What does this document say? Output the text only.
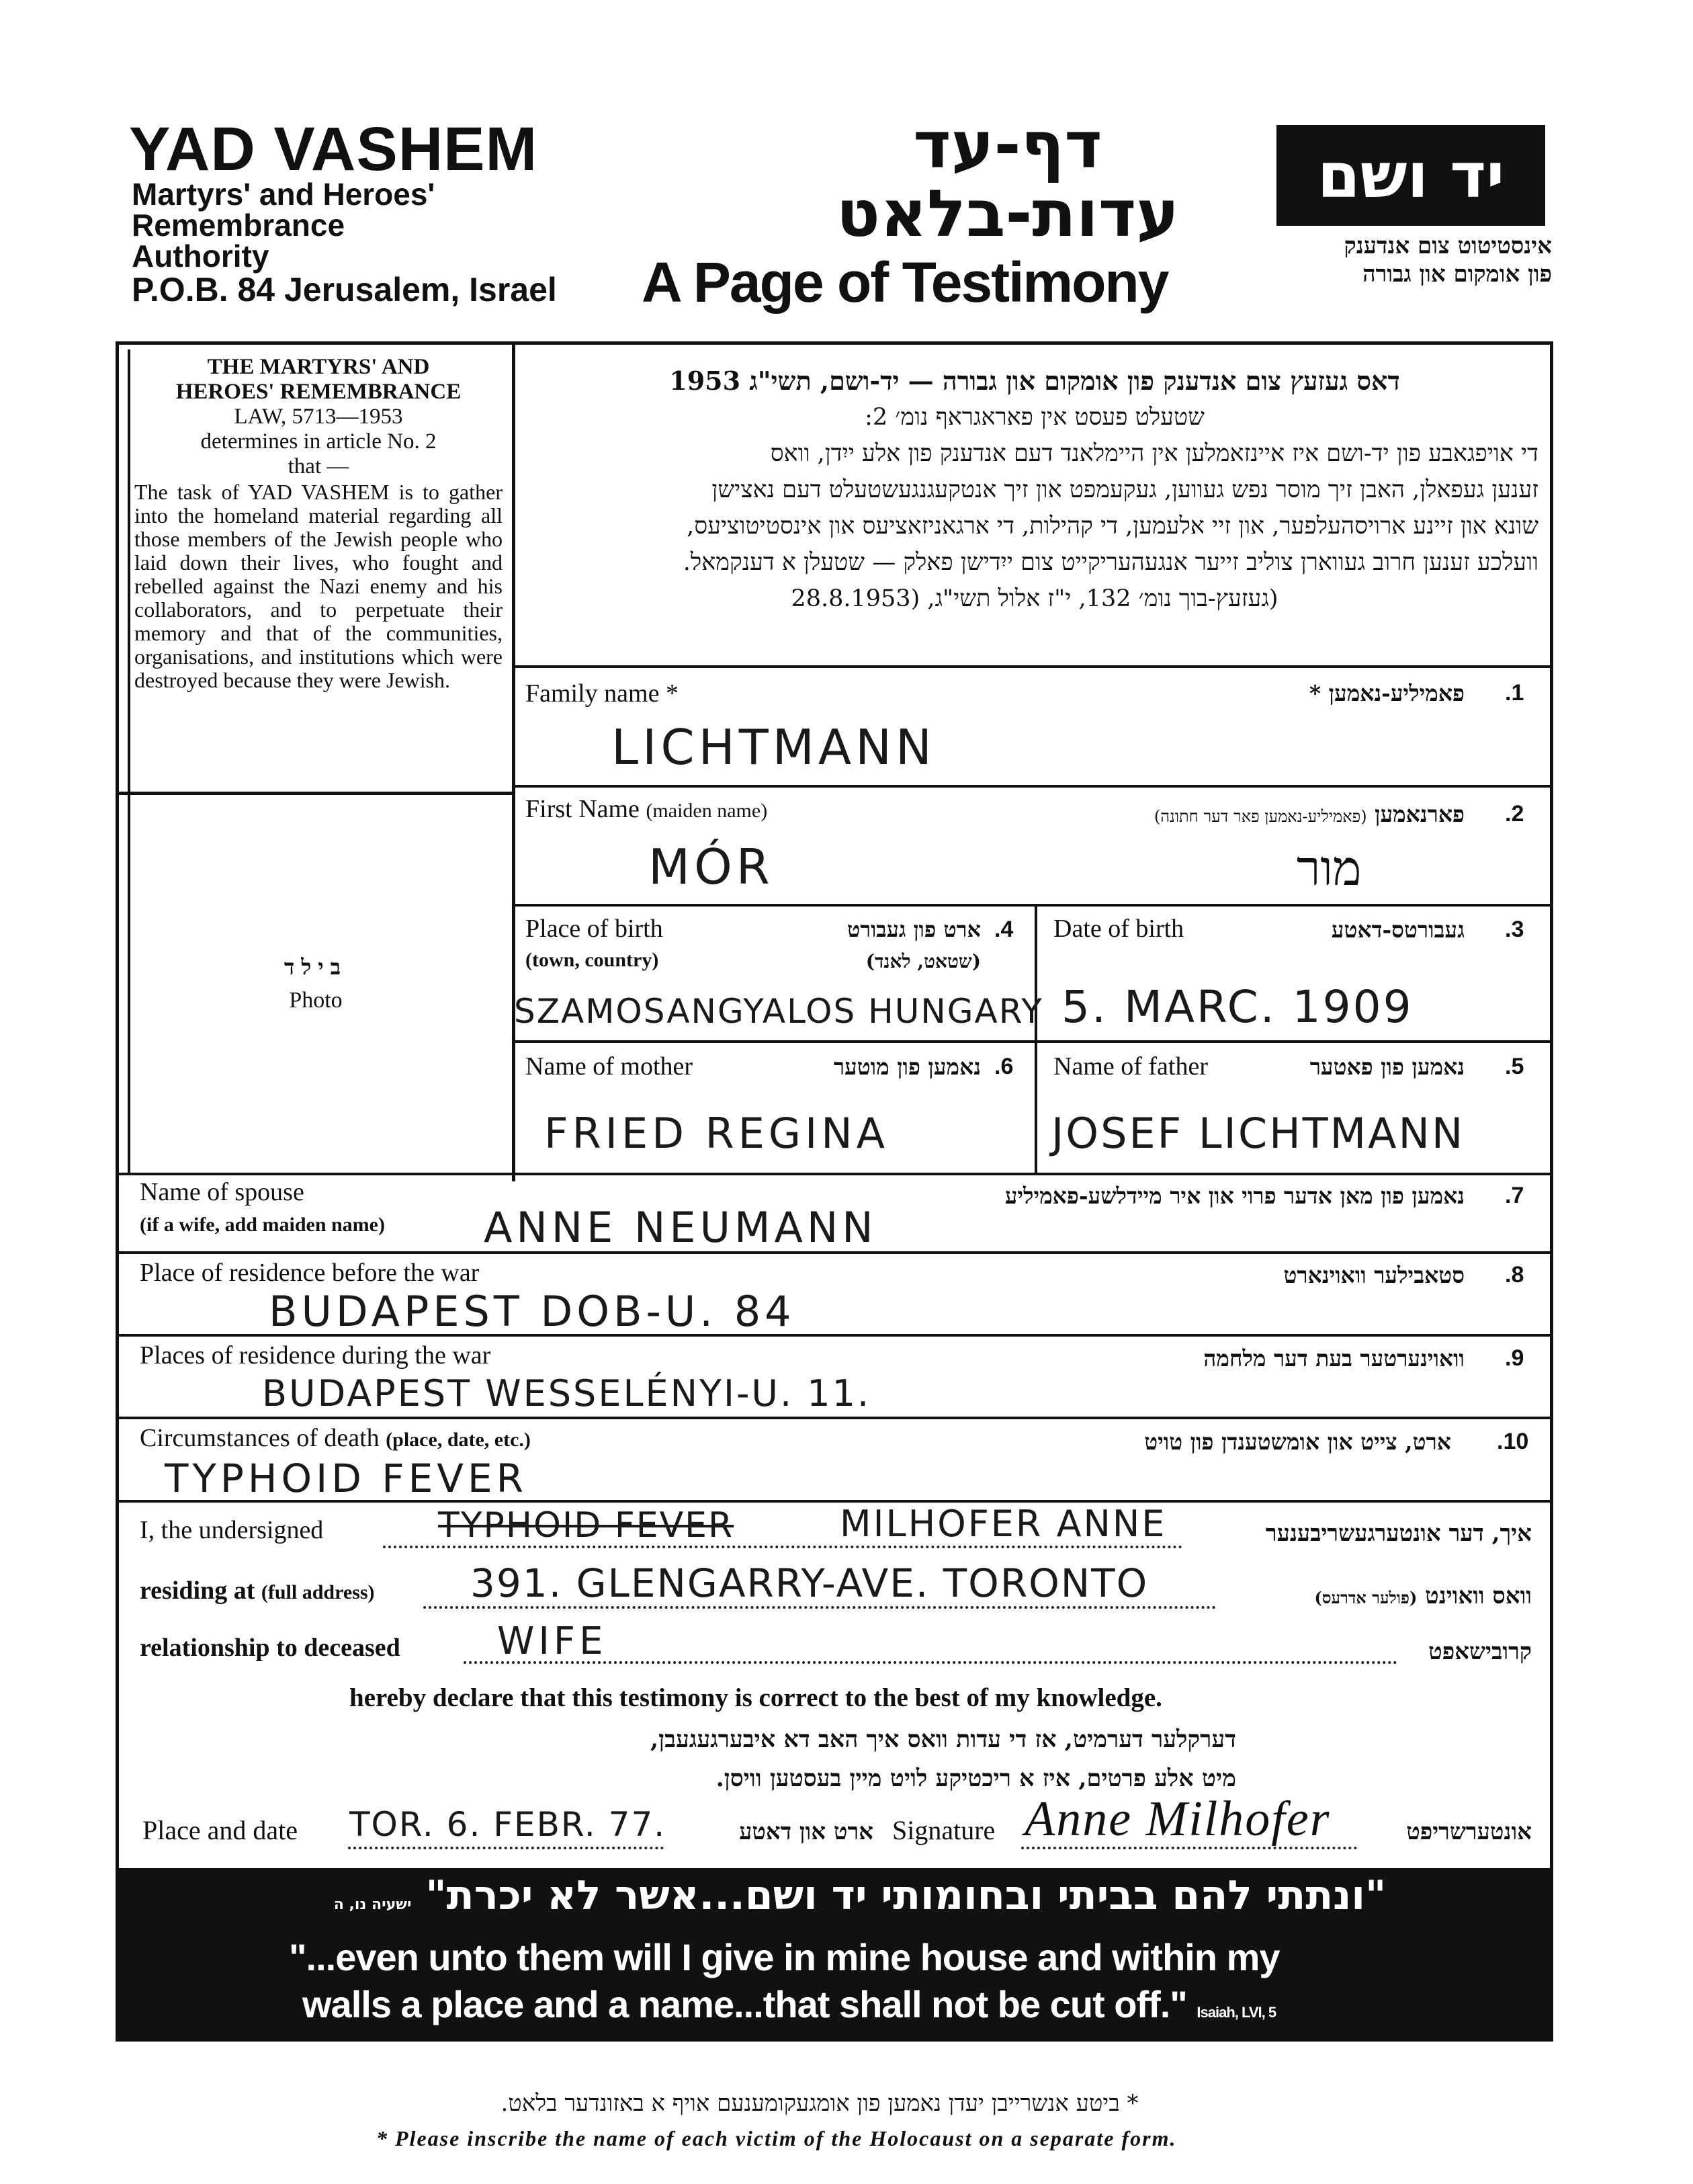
YAD VASHEM
Martyrs' and Heroes'
Remembrance
Authority
P.O.B. 84 Jerusalem, Israel
דף-עד
עדות-בלאט
A Page of Testimony
יד ושם
אינסטיטוט צום אנדענק
פון אומקום און גבורה
THE MARTYRS' AND
HEROES' REMEMBRANCE
LAW, 5713—1953
determines in article No. 2
that —
The task of YAD VASHEM is to gather into the homeland material regarding all those members of the Jewish people who laid down their lives, who fought and rebelled against the Nazi enemy and his collaborators, and to perpetuate their memory and that of the communities, organisations, and institutions which were destroyed because they were Jewish.
בילד
Photo
דאס געזעץ צום אנדענק פון אומקום און גבורה — יד-ושם, תשי"ג 1953
שטעלט פעסט אין פאראגראף נומ׳ 2:
די אויפגאבע פון יד-ושם איז איינזאמלען אין היימלאנד דעם אנדענק פון אלע ייִדן, וואס
זענען געפאלן, האבן זיך מוסר נפש געווען, געקעמפט און זיך אנטקעגנגעשטעלט דעם נאצישן
שונא און זיינע ארויסהעלפער, און זיי אלעמען, די קהילות, די ארגאניזאציעס און אינסטיטוציעס,
וועלכע זענען חרוב געווארן צוליב זייער אנגעהעריקייט צום ייִדישן פאלק — שטעלן א דענקמאל.
(געזעץ-בוך נומ׳ 132, י"ז אלול תשי"ג, (28.8.1953
Family name *	פאמיליע-נאמען * .1
LICHTMANN
First Name (maiden name)	פארנאמען (פאמיליע-נאמען פאר דער חתונה)	.2
MÓR	מור
Place of birth	ארט פון געבורט .4
(town, country)	(שטאט, לאנד)
SZAMOSANGYALOS HUNGARY
Date of birth	געבורטס-דאטע .3
5. MARC. 1909
Name of mother	נאמען פון מוטער .6
FRIED REGINA
Name of father	נאמען פון פאטער .5
JOSEF LICHTMANN
Name of spouse
(if a wife, add maiden name)
נאמען פון מאן אדער פרוי און איר מיידלשע-פאמיליע .7
ANNE NEUMANN
Place of residence before the war	סטאבילער וואוינארט .8
BUDAPEST DOB-U. 84
Places of residence during the war	וואוינערטער בעת דער מלחמה .9
BUDAPEST WESSELÉNYI-U. 11.
Circumstances of death (place, date, etc.)	ארט, צייט און אומשטענדן פון טויט .10
TYPHOID FEVER
I, the undersigned	TYPHOID FEVER	MILHOFER ANNE	איך, דער אונטערגעשריבענער
residing at (full address) 391. GLENGARRY-AVE. TORONTO	וואס וואוינט (פולער אדרעס)
relationship to deceased	WIFE	קרובישאפט
hereby declare that this testimony is correct to the best of my knowledge.
דערקלער דערמיט, אז די עדות וואס איך האב דא איבערגעגעבן,
מיט אלע פרטים, איז א ריכטיקע לויט מיין בעסטען וויסן.
Place and date TOR. 6. FEBR. 77.	ארט און דאטע Signature Anne Milhofer	אונטערשריפט
"ונתתי להם בביתי ובחומותי יד ושם...אשר לא יכרת" ישעיה נו, ה
"...even unto them will I give in mine house and within my
walls a place and a name...that shall not be cut off." Isaiah, LVI, 5
* ביטע אנשרייבן יעדן נאמען פון אומגעקומענעם אויף א באזונדער בלאט.
* Please inscribe the name of each victim of the Holocaust on a separate form.
